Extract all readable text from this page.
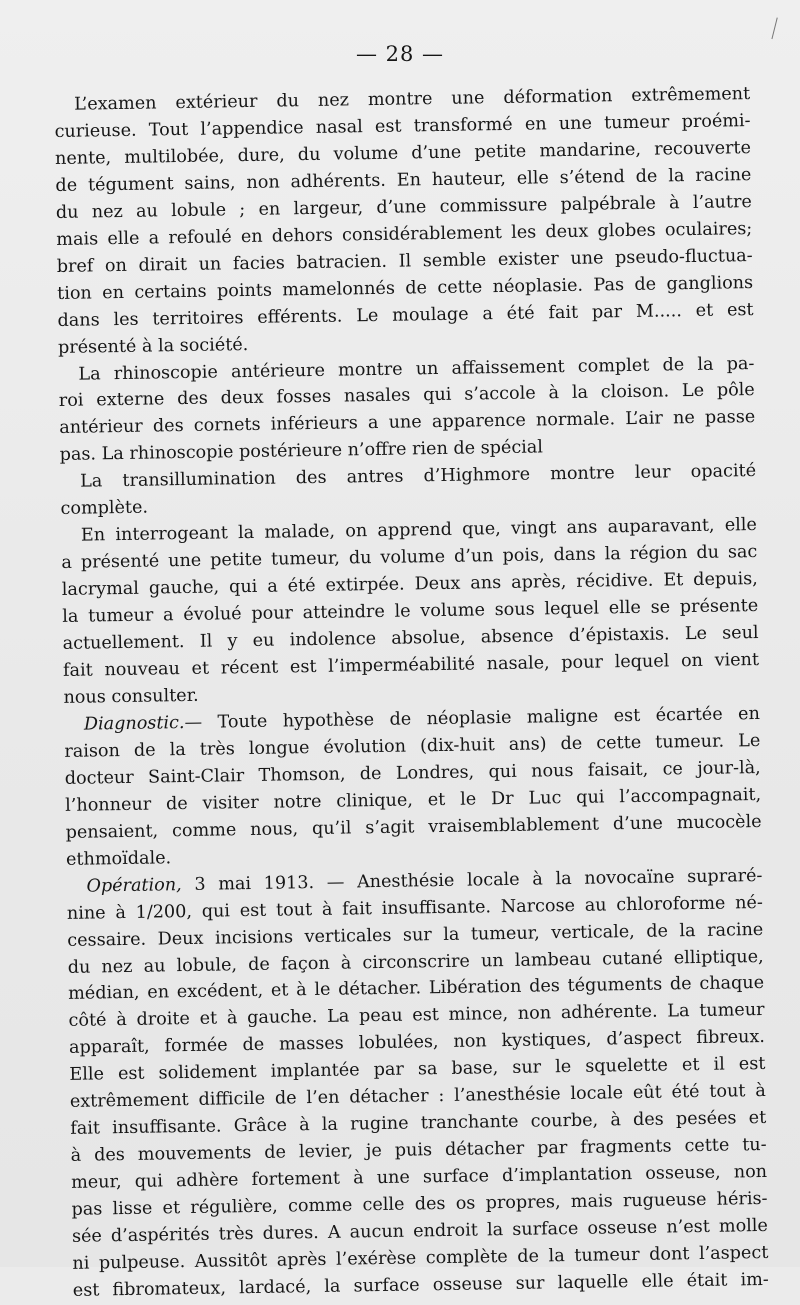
— 28 —
L’examen extérieur du nez montre une déformation extrêmement
curieuse. Tout l’appendice nasal est transformé en une tumeur proémi-
nente, multilobée, dure, du volume d’une petite mandarine, recouverte
de tégument sains, non adhérents. En hauteur, elle s’étend de la racine
du nez au lobule ; en largeur, d’une commissure palpébrale à l’autre
mais elle a refoulé en dehors considérablement les deux globes oculaires;
bref on dirait un facies batracien. Il semble exister une pseudo-fluctua-
tion en certains points mamelonnés de cette néoplasie. Pas de ganglions
dans les territoires efférents. Le moulage a été fait par M..... et est
présenté à la société.
La rhinoscopie antérieure montre un affaissement complet de la pa-
roi externe des deux fosses nasales qui s’accole à la cloison. Le pôle
antérieur des cornets inférieurs a une apparence normale. L’air ne passe
pas. La rhinoscopie postérieure n’offre rien de spécial
La transillumination des antres d’Highmore montre leur opacité
complète.
En interrogeant la malade, on apprend que, vingt ans auparavant, elle
a présenté une petite tumeur, du volume d’un pois, dans la région du sac
lacrymal gauche, qui a été extirpée. Deux ans après, récidive. Et depuis,
la tumeur a évolué pour atteindre le volume sous lequel elle se présente
actuellement. Il y eu indolence absolue, absence d’épistaxis. Le seul
fait nouveau et récent est l’imperméabilité nasale, pour lequel on vient
nous consulter.
Diagnostic.— Toute hypothèse de néoplasie maligne est écartée en
raison de la très longue évolution (dix-huit ans) de cette tumeur. Le
docteur Saint-Clair Thomson, de Londres, qui nous faisait, ce jour-là,
l’honneur de visiter notre clinique, et le Dr Luc qui l’accompagnait,
pensaient, comme nous, qu’il s’agit vraisemblablement d’une mucocèle
ethmoïdale.
Opération, 3 mai 1913. — Anesthésie locale à la novocaïne supraré-
nine à 1/200, qui est tout à fait insuffisante. Narcose au chloroforme né-
cessaire. Deux incisions verticales sur la tumeur, verticale, de la racine
du nez au lobule, de façon à circonscrire un lambeau cutané elliptique,
médian, en excédent, et à le détacher. Libération des téguments de chaque
côté à droite et à gauche. La peau est mince, non adhérente. La tumeur
apparaît, formée de masses lobulées, non kystiques, d’aspect fibreux.
Elle est solidement implantée par sa base, sur le squelette et il est
extrêmement difficile de l’en détacher : l’anesthésie locale eût été tout à
fait insuffisante. Grâce à la rugine tranchante courbe, à des pesées et
à des mouvements de levier, je puis détacher par fragments cette tu-
meur, qui adhère fortement à une surface d’implantation osseuse, non
pas lisse et régulière, comme celle des os propres, mais rugueuse héris-
sée d’aspérités très dures. A aucun endroit la surface osseuse n’est molle
ni pulpeuse. Aussitôt après l’exérèse complète de la tumeur dont l’aspect
est fibromateux, lardacé, la surface osseuse sur laquelle elle était im-
